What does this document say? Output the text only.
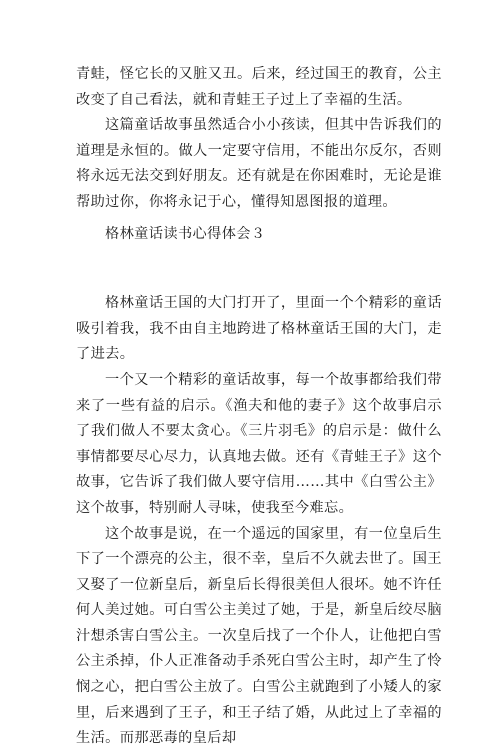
青蛙，怪它长的又脏又丑。后来，经过国王的教育，公主改变了自己看法，就和青蛙王子过上了幸福的生活。

这篇童话故事虽然适合小小孩读，但其中告诉我们的道理是永恒的。做人一定要守信用，不能出尔反尔，否则将永远无法交到好朋友。还有就是在你困难时，无论是谁帮助过你，你将永记于心，懂得知恩图报的道理。

格林童话读书心得体会３

格林童话王国的大门打开了，里面一个个精彩的童话吸引着我，我不由自主地跨进了格林童话王国的大门，走了进去。

一个又一个精彩的童话故事，每一个故事都给我们带来了一些有益的启示。《渔夫和他的妻子》这个故事启示了我们做人不要太贪心。《三片羽毛》的启示是：做什么事情都要尽心尽力，认真地去做。还有《青蛙王子》这个故事，它告诉了我们做人要守信用……其中《白雪公主》这个故事，特别耐人寻味，使我至今难忘。

这个故事是说，在一个遥远的国家里，有一位皇后生下了一个漂亮的公主，很不幸，皇后不久就去世了。国王又娶了一位新皇后，新皇后长得很美但人很坏。她不许任何人美过她。可白雪公主美过了她，于是，新皇后绞尽脑汁想杀害白雪公主。一次皇后找了一个仆人，让他把白雪公主杀掉，仆人正准备动手杀死白雪公主时，却产生了怜悯之心，把白雪公主放了。白雪公主就跑到了小矮人的家里，后来遇到了王子，和王子结了婚，从此过上了幸福的生活。而那恶毒的皇后却
